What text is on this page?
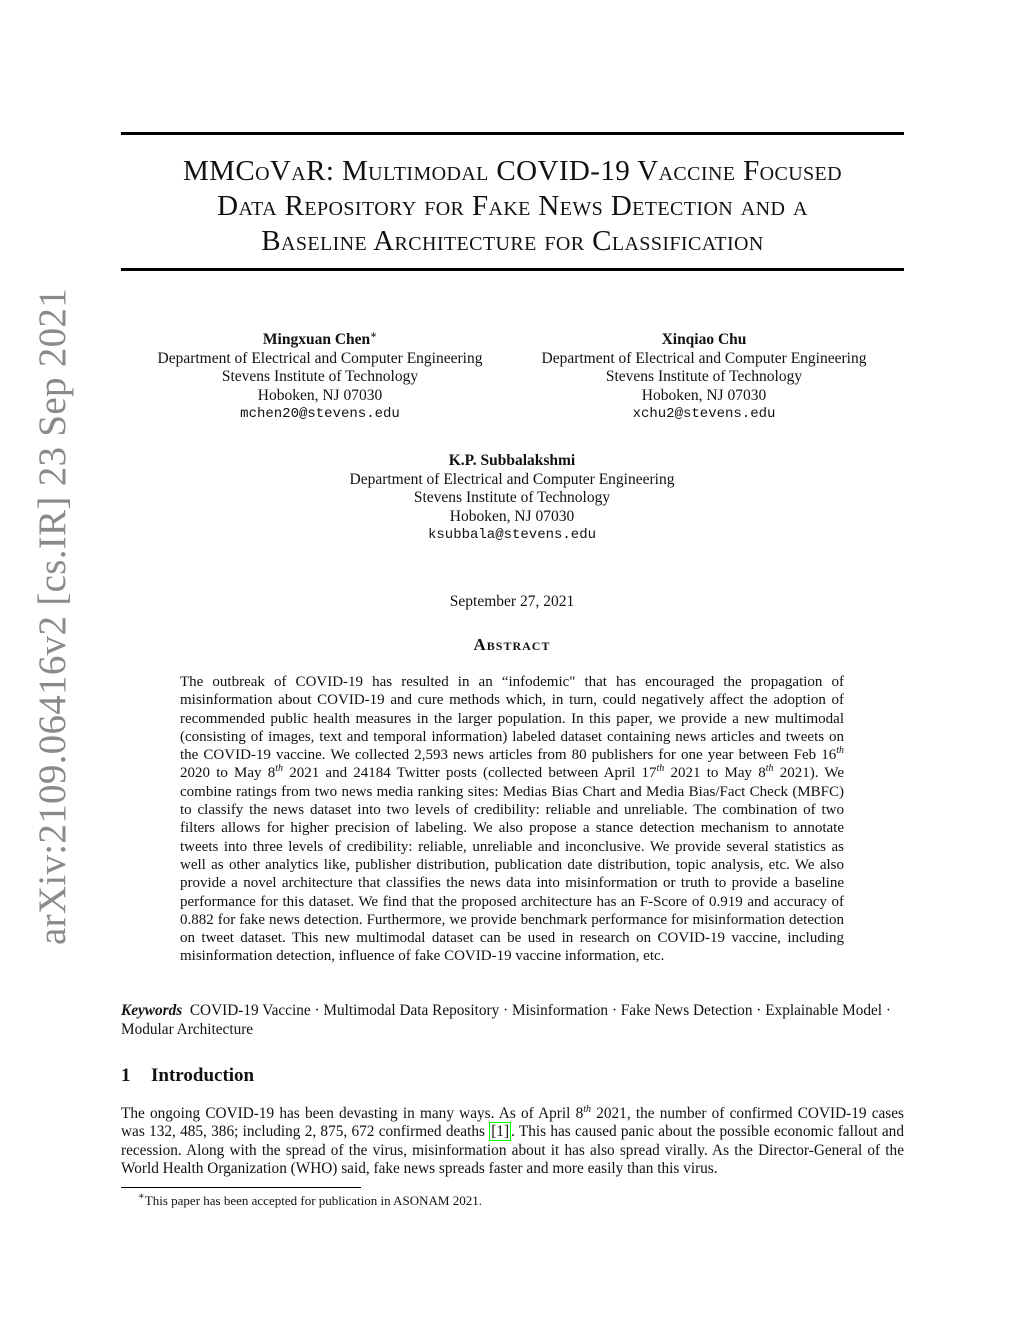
arXiv:2109.06416v2 [cs.IR] 23 Sep 2021
MMCoVaR: Multimodal COVID-19 Vaccine Focused
Data Repository for Fake News Detection and a
Baseline Architecture for Classification
Mingxuan Chen∗
Department of Electrical and Computer Engineering
Stevens Institute of Technology
Hoboken, NJ 07030
mchen20@stevens.edu
Xinqiao Chu
Department of Electrical and Computer Engineering
Stevens Institute of Technology
Hoboken, NJ 07030
xchu2@stevens.edu
K.P. Subbalakshmi
Department of Electrical and Computer Engineering
Stevens Institute of Technology
Hoboken, NJ 07030
ksubbala@stevens.edu
September 27, 2021
Abstract
The outbreak of COVID-19 has resulted in an “infodemic" that has encouraged the propagation of misinformation about COVID-19 and cure methods which, in turn, could negatively affect the adoption of recommended public health measures in the larger population. In this paper, we provide a new multimodal (consisting of images, text and temporal information) labeled dataset containing news articles and tweets on the COVID-19 vaccine. We collected 2,593 news articles from 80 publishers for one year between Feb 16th 2020 to May 8th 2021 and 24184 Twitter posts (collected between April 17th 2021 to May 8th 2021). We combine ratings from two news media ranking sites: Medias Bias Chart and Media Bias/Fact Check (MBFC) to classify the news dataset into two levels of credibility: reliable and unreliable. The combination of two filters allows for higher precision of labeling. We also propose a stance detection mechanism to annotate tweets into three levels of credibility: reliable, unreliable and inconclusive. We provide several statistics as well as other analytics like, publisher distribution, publication date distribution, topic analysis, etc. We also provide a novel architecture that classifies the news data into misinformation or truth to provide a baseline performance for this dataset. We find that the proposed architecture has an F-Score of 0.919 and accuracy of 0.882 for fake news detection. Furthermore, we provide benchmark performance for misinformation detection on tweet dataset. This new multimodal dataset can be used in research on COVID-19 vaccine, including misinformation detection, influence of fake COVID-19 vaccine information, etc.
Keywords COVID-19 Vaccine · Multimodal Data Repository · Misinformation · Fake News Detection · Explainable Model · Modular Architecture
1 Introduction
The ongoing COVID-19 has been devasting in many ways. As of April 8th 2021, the number of confirmed COVID-19 cases was 132, 485, 386; including 2, 875, 672 confirmed deaths [1] . This has caused panic about the possible economic fallout and recession. Along with the spread of the virus, misinformation about it has also spread virally. As the Director-General of the World Health Organization (WHO) said, fake news spreads faster and more easily than this virus.
∗This paper has been accepted for publication in ASONAM 2021.
